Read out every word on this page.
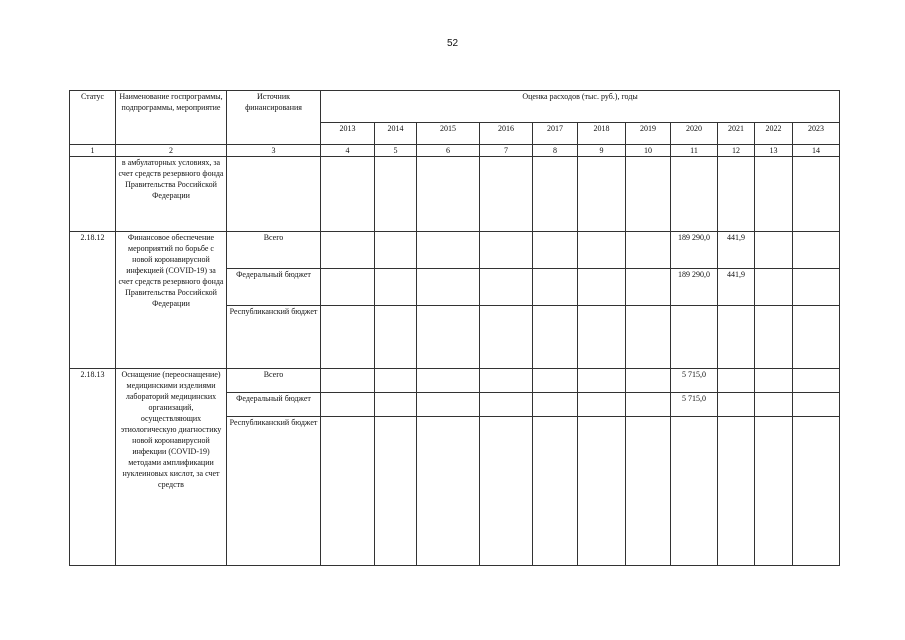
52
Статус	Наименование госпрограммы, подпрограммы, мероприятие	Источник финансирования	Оценка расходов (тыс. руб.), годы										
			2013	2014	2015	2016	2017	2018	2019	2020	2021	2022	2023
1	2	3	4	5	6	7	8	9	10	11	12	13	14
	в амбулаторных условиях, за счет средств резервного фонда Правительства Российской Федерации												
2.18.12	Финансовое обеспечение мероприятий по борьбе с новой коронавирусной инфекцией (COVID-19) за счет средств резервного фонда Правительства Российской Федерации	Всего								189 290,0	441,9		
		Федеральный бюджет								189 290,0	441,9		
		Республиканский бюджет											
2.18.13	Оснащение (переоснащение) медицинскими изделиями лабораторий медицинских организаций, осуществляющих этиологическую диагностику новой коронавирусной инфекции (COVID-19) методами амплификации нуклеиновых кислот, за счет средств	Всего								5 715,0			
		Федеральный бюджет								5 715,0			
		Республиканский бюджет											
